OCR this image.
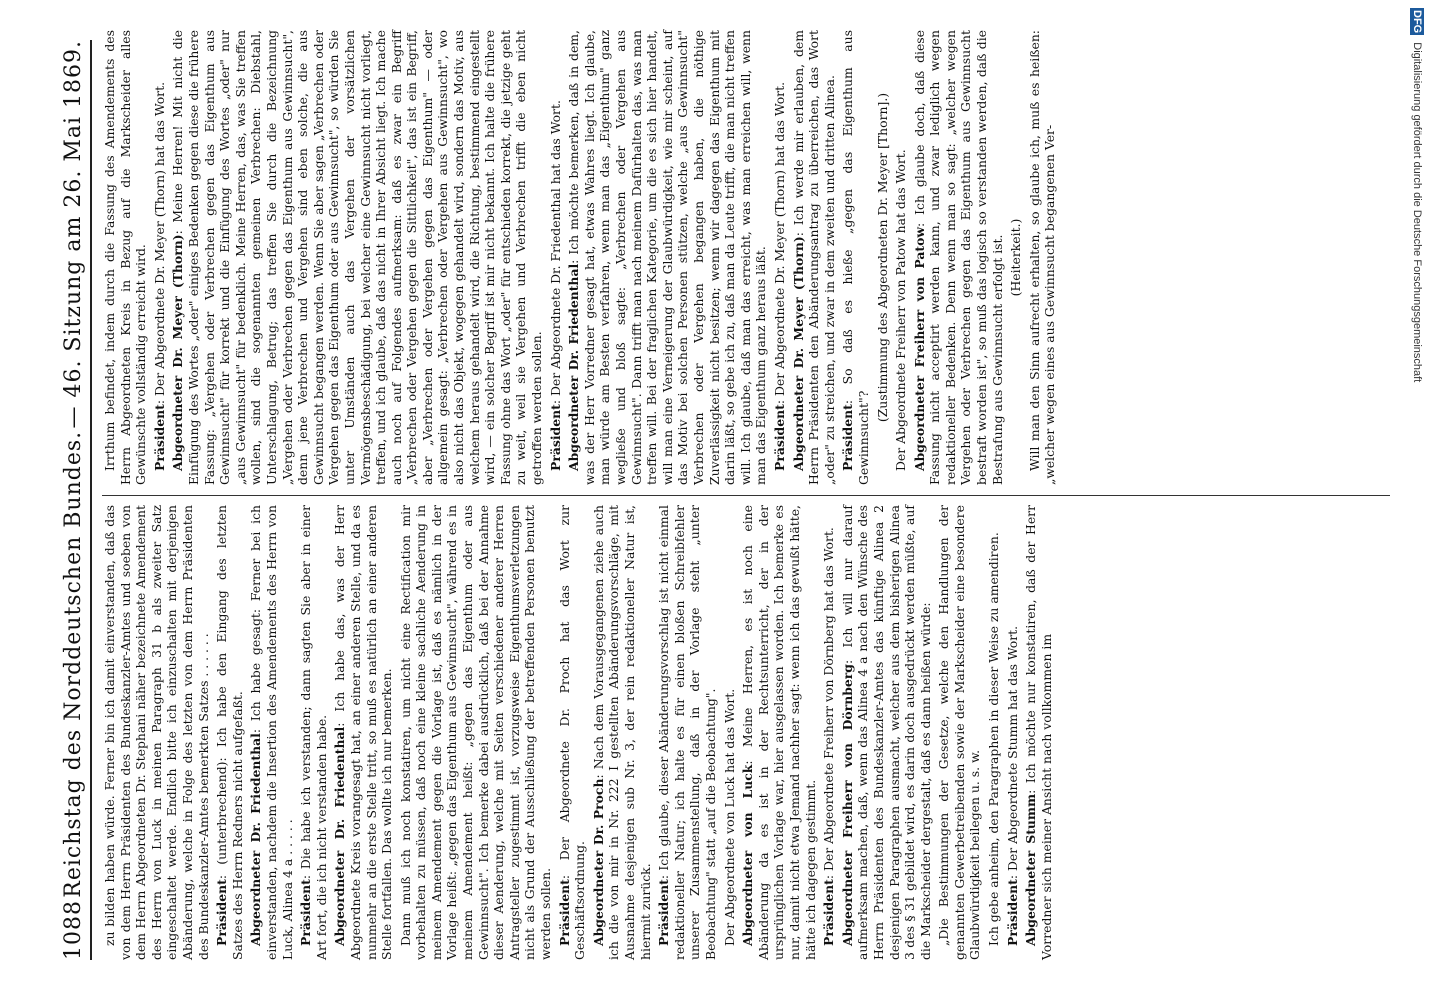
1088
Reichstag des Norddeutschen Bundes.
— 46. Sitzung am 26. Mai 1869.

zu bilden haben würde. Ferner bin ich damit einverstanden, daß das von dem Herrn Präsidenten des Bundeskanzler-Amtes und soeben von dem Herrn Abgeordneten Dr. Stephani näher bezeichnete Amendement des Herrn von Luck in meinen Paragraph 31 b als zweiter Satz eingeschaltet werde. Endlich bitte ich einzuschalten mit derjenigen Abänderung, welche in Folge des letzten von dem Herrn Präsidenten des Bundeskanzler-Amtes bemerkten Satzes . . . . . . Präsident: (unterbrechend): Ich habe den Eingang des letzten Satzes des Herrn Redners nicht aufgefaßt. Abgeordneter Dr. Friedenthal: Ich habe gesagt: Ferner bei ich einverstanden, nachdem die Insertion des Amendements des Herrn von Luck, Alinea 4 a . . . . . Präsident: Die habe ich verstanden; dann sagten Sie aber in einer Art fort, die ich nicht verstanden habe. Abgeordneter Dr. Friedenthal: Ich habe das, was der Herr Abgeordnete Kreis vorangesagt hat, an einer anderen Stelle, und da es nunmehr an die erste Stelle tritt, so muß es natürlich an einer anderen Stelle fortfallen. Das wollte ich nur bemerken. Dann muß ich noch konstatiren, um nicht eine Rectification mir vorbehalten zu müssen, daß noch eine kleine sachliche Aenderung in meinem Amendement gegen die Vorlage ist, daß es nämlich in der Vorlage heißt: „gegen das Eigenthum aus Gewinnsucht", während es in meinem Amendement heißt: „gegen das Eigenthum oder aus Gewinnsucht". Ich bemerke dabei ausdrücklich, daß bei der Annahme dieser Aenderung, welche mit Seiten verschiedener anderer Herren Antragsteller zugestimmt ist, vorzugsweise Eigenthumsverletzungen nicht als Grund der Ausschließung der betreffenden Personen benutzt werden sollen. Präsident: Der Abgeordnete Dr. Proch hat das Wort zur Geschäftsordnung. Abgeordneter Dr. Proch: Nach dem Vorausgegangenen ziehe auch ich die von mir in Nr. 222 I gestellten Abänderungsvorschläge, mit Ausnahme desjenigen sub Nr. 3, der rein redaktioneller Natur ist, hiermit zurück. Präsident: Ich glaube, dieser Abänderungsvorschlag ist nicht einmal redaktioneller Natur; ich halte es für einen bloßen Schreibfehler unserer Zusammenstellung, daß in der Vorlage steht „unter Beobachtung" statt „auf die Beobachtung". Der Abgeordnete von Luck hat das Wort. Abgeordneter von Luck: Meine Herren, es ist noch eine Abänderung da es ist in der Rechtsunterricht, der in der ursprünglichen Vorlage war, hier ausgelassen worden. Ich bemerke es nur, damit nicht etwa Jemand nachher sagt: wenn ich das gewußt hätte, hätte ich dagegen gestimmt. Präsident: Der Abgeordnete Freiherr von Dörnberg hat das Wort. Abgeordneter Freiherr von Dörnberg: Ich will nur darauf aufmerksam machen, daß, wenn das Alinea 4 a nach den Wünsche des Herrn Präsidenten des Bundeskanzler-Amtes das künftige Alinea 2 desjenigen Paragraphen ausmacht, welcher aus dem bisherigen Alinea 3 des § 31 gebildet wird, es darin doch ausgedrückt werden müßte, auf die Markscheider dergestalt, daß es dann heißen würde: „Die Bestimmungen der Gesetze, welche den Handlungen der genannten Gewerbetreibenden sowie der Markscheider eine besondere Glaubwürdigkeit beilegen u. s. w. Ich gebe anheim, den Paragraphen in dieser Weise zu amendiren. Präsident: Der Abgeordnete Stumm hat das Wort. Abgeordneter Stumm: Ich möchte nur konstatiren, daß der Herr Vorredner sich meiner Ansicht nach vollkommen im

Irrthum befindet, indem durch die Fassung des Amendements des Herrn Abgeordneten Kreis in Bezug auf die Markscheider alles Gewünschte vollständig erreicht wird. Präsident: Der Abgeordnete Dr. Meyer (Thorn) hat das Wort. Abgeordneter Dr. Meyer (Thorn): Meine Herren! Mit nicht die Einfügung des Wortes „oder" einiges Bedenken gegen diese die frühere Fassung: „Vergehen oder Verbrechen gegen das Eigenthum aus Gewinnsucht" für korrekt und die Einfügung des Wortes „oder" nur „aus Gewinnsucht" für bedenklich. Meine Herren, das, was Sie treffen wollen, sind die sogenannten gemeinen Verbrechen: Diebstahl, Unterschlagung, Betrug; das treffen Sie durch die Bezeichnung „Vergehen oder Verbrechen gegen das Eigenthum aus Gewinnsucht", denn jene Verbrechen und Vergehen sind eben solche, die aus Gewinnsucht begangen werden. Wenn Sie aber sagen „Verbrechen oder Vergehen gegen das Eigenthum oder aus Gewinnsucht", so würden Sie unter Umständen auch das Vergehen der vorsätzlichen Vermögensbeschädigung, bei welcher eine Gewinnsucht nicht vorliegt, treffen, und ich glaube, daß das nicht in Ihrer Absicht liegt. Ich mache auch noch auf Folgendes aufmerksam: daß es zwar ein Begriff „Verbrechen oder Vergehen gegen die Sittlichkeit", das ist ein Begriff, aber „Verbrechen oder Vergehen gegen das Eigenthum" — oder allgemein gesagt: „Verbrechen oder Vergehen aus Gewinnsucht", wo also nicht das Objekt, wogegen gehandelt wird, sondern das Motiv, aus welchem heraus gehandelt wird, die Richtung, bestimmend eingestellt wird, — ein solcher Begriff ist mir nicht bekannt. Ich halte die frühere Fassung ohne das Wort „oder" für entschieden korrekt, die jetzige geht zu weit, weil sie Vergehen und Verbrechen trifft die eben nicht getroffen werden sollen. Präsident: Der Abgeordnete Dr. Friedenthal hat das Wort. Abgeordneter Dr. Friedenthal: Ich möchte bemerken, daß in dem, was der Herr Vorredner gesagt hat, etwas Wahres liegt. Ich glaube, man würde am Besten verfahren, wenn man das „Eigenthum" ganz wegließe und bloß sagte: „Verbrechen oder Vergehen aus Gewinnsucht". Dann trifft man nach meinem Dafürhalten das, was man treffen will. Bei der fraglichen Kategorie, um die es sich hier handelt, will man eine Verneigerung der Glaubwürdigkeit, wie mir scheint, auf das Motiv bei solchen Personen stützen, welche „aus Gewinnsucht" Verbrechen oder Vergehen begangen haben, die nöthige Zuverlässigkeit nicht besitzen; wenn wir dagegen das Eigenthum mit darin läßt, so gebe ich zu, daß man da Leute trifft, die man nicht treffen will. Ich glaube, daß man das erreicht, was man erreichen will, wenn man das Eigenthum ganz heraus läßt. Präsident: Der Abgeordnete Dr. Meyer (Thorn) hat das Wort. Abgeordneter Dr. Meyer (Thorn): Ich werde mir erlauben, dem Herrn Präsidenten den Abänderungsantrag zu überreichen, das Wort „oder" zu streichen, und zwar in dem zweiten und dritten Alinea. Präsident: So daß es hieße „gegen das Eigenthum aus Gewinnsucht"?

(Zustimmung des Abgeordneten Dr. Meyer [Thorn].) Der Abgeordnete Freiherr von Patow hat das Wort. Abgeordneter Freiherr von Patow: Ich glaube doch, daß diese Fassung nicht acceptirt werden kann, und zwar lediglich wegen redaktioneller Bedenken. Denn wenn man so sagt: „welcher wegen Vergehen oder Verbrechen gegen das Eigenthum aus Gewinnsucht bestraft worden ist", so muß das logisch so verstanden werden, daß die Bestrafung aus Gewinnsucht erfolgt ist. (Heiterkeit.) Will man den Sinn aufrecht erhalten, so glaube ich, muß es heißen: „welcher wegen eines aus Gewinnsucht begangenen Ver-

DFG Digitalisierung gefördert durch die Deutsche Forschungsgemeinschaft
